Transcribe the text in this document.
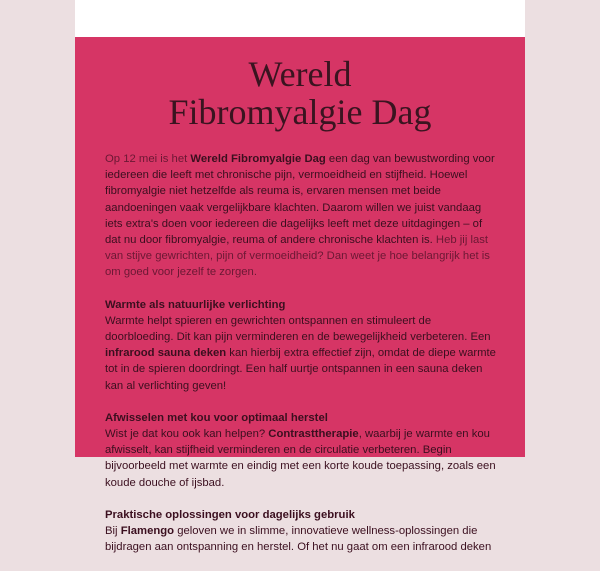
Wereld
Fibromyalgie Dag

Op 12 mei is het Wereld Fibromyalgie Dag een dag van bewustwording voor iedereen die leeft met chronische pijn, vermoeidheid en stijfheid. Hoewel fibromyalgie niet hetzelfde als reuma is, ervaren mensen met beide aandoeningen vaak vergelijkbare klachten. Daarom willen we juist vandaag iets extra's doen voor iedereen die dagelijks leeft met deze uitdagingen – of dat nu door fibromyalgie, reuma of andere chronische klachten is. Heb jij last van stijve gewrichten, pijn of vermoeidheid? Dan weet je hoe belangrijk het is om goed voor jezelf te zorgen.

Warmte als natuurlijke verlichting
Warmte helpt spieren en gewrichten ontspannen en stimuleert de doorbloeding. Dit kan pijn verminderen en de bewegelijkheid verbeteren. Een infrarood sauna deken kan hierbij extra effectief zijn, omdat de diepe warmte tot in de spieren doordringt. Een half uurtje ontspannen in een sauna deken kan al verlichting geven!

Afwisselen met kou voor optimaal herstel
Wist je dat kou ook kan helpen? Contrasttherapie, waarbij je warmte en kou afwisselt, kan stijfheid verminderen en de circulatie verbeteren. Begin bijvoorbeeld met warmte en eindig met een korte koude toepassing, zoals een koude douche of ijsbad.

Praktische oplossingen voor dagelijks gebruik
Bij Flamengo geloven we in slimme, innovatieve wellness-oplossingen die bijdragen aan ontspanning en herstel. Of het nu gaat om een infrarood deken
